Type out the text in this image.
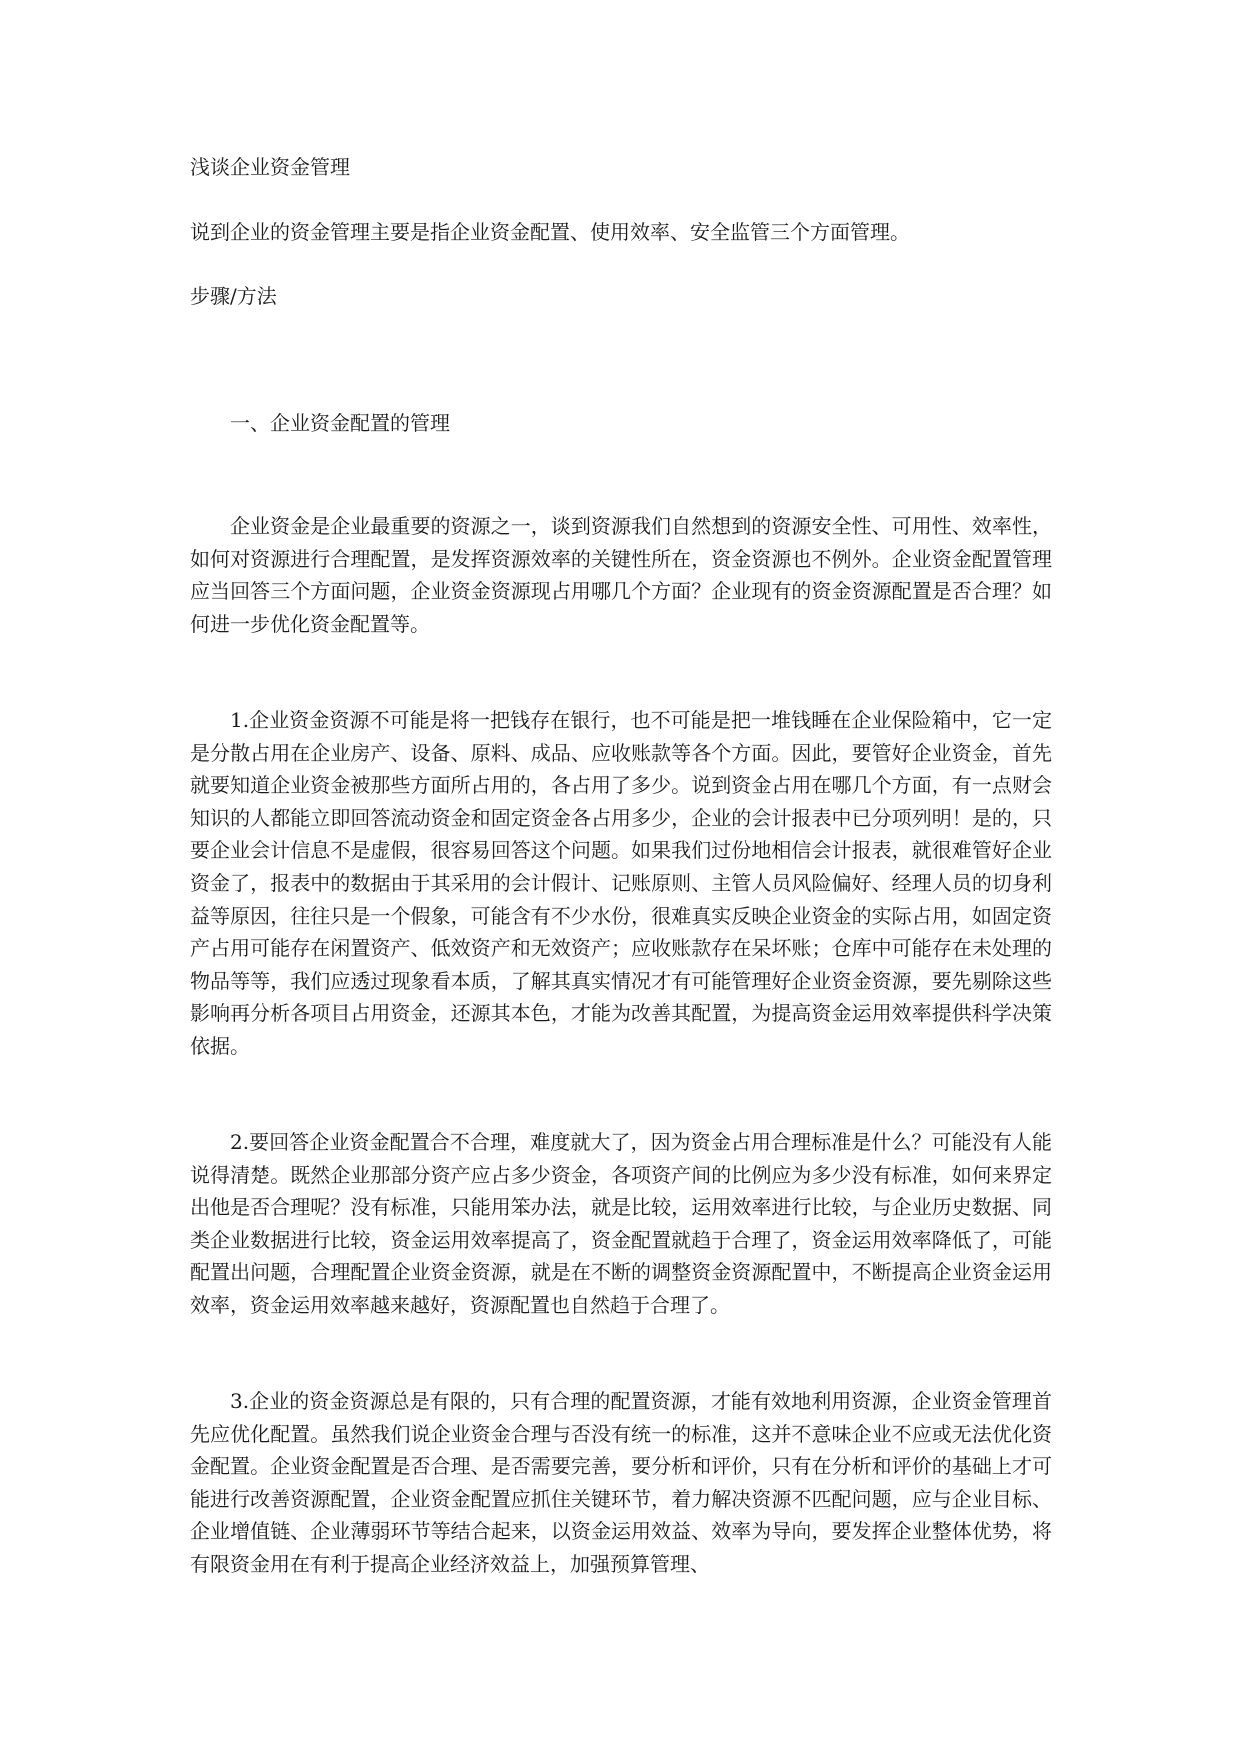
浅谈企业资金管理
说到企业的资金管理主要是指企业资金配置、使用效率、安全监管三个方面管理。
步骤/方法
一、企业资金配置的管理
企业资金是企业最重要的资源之一，谈到资源我们自然想到的资源安全性、可用性、效率性，如何对资源进行合理配置，是发挥资源效率的关键性所在，资金资源也不例外。企业资金配置管理应当回答三个方面问题，企业资金资源现占用哪几个方面？企业现有的资金资源配置是否合理？如何进一步优化资金配置等。
1.企业资金资源不可能是将一把钱存在银行，也不可能是把一堆钱睡在企业保险箱中，它一定是分散占用在企业房产、设备、原料、成品、应收账款等各个方面。因此，要管好企业资金，首先就要知道企业资金被那些方面所占用的，各占用了多少。说到资金占用在哪几个方面，有一点财会知识的人都能立即回答流动资金和固定资金各占用多少，企业的会计报表中已分项列明！是的，只要企业会计信息不是虚假，很容易回答这个问题。如果我们过份地相信会计报表，就很难管好企业资金了，报表中的数据由于其采用的会计假计、记账原则、主管人员风险偏好、经理人员的切身利益等原因，往往只是一个假象，可能含有不少水份，很难真实反映企业资金的实际占用，如固定资产占用可能存在闲置资产、低效资产和无效资产；应收账款存在呆坏账；仓库中可能存在未处理的物品等等，我们应透过现象看本质，了解其真实情况才有可能管理好企业资金资源，要先剔除这些影响再分析各项目占用资金，还源其本色，才能为改善其配置，为提高资金运用效率提供科学决策依据。
2.要回答企业资金配置合不合理，难度就大了，因为资金占用合理标准是什么？可能没有人能说得清楚。既然企业那部分资产应占多少资金，各项资产间的比例应为多少没有标准，如何来界定出他是否合理呢？没有标准，只能用笨办法，就是比较，运用效率进行比较，与企业历史数据、同类企业数据进行比较，资金运用效率提高了，资金配置就趋于合理了，资金运用效率降低了，可能配置出问题，合理配置企业资金资源，就是在不断的调整资金资源配置中，不断提高企业资金运用效率，资金运用效率越来越好，资源配置也自然趋于合理了。
3.企业的资金资源总是有限的，只有合理的配置资源，才能有效地利用资源，企业资金管理首先应优化配置。虽然我们说企业资金合理与否没有统一的标准，这并不意味企业不应或无法优化资金配置。企业资金配置是否合理、是否需要完善，要分析和评价，只有在分析和评价的基础上才可能进行改善资源配置，企业资金配置应抓住关键环节，着力解决资源不匹配问题，应与企业目标、企业增值链、企业薄弱环节等结合起来，以资金运用效益、效率为导向，要发挥企业整体优势，将有限资金用在有利于提高企业经济效益上，加强预算管理、
